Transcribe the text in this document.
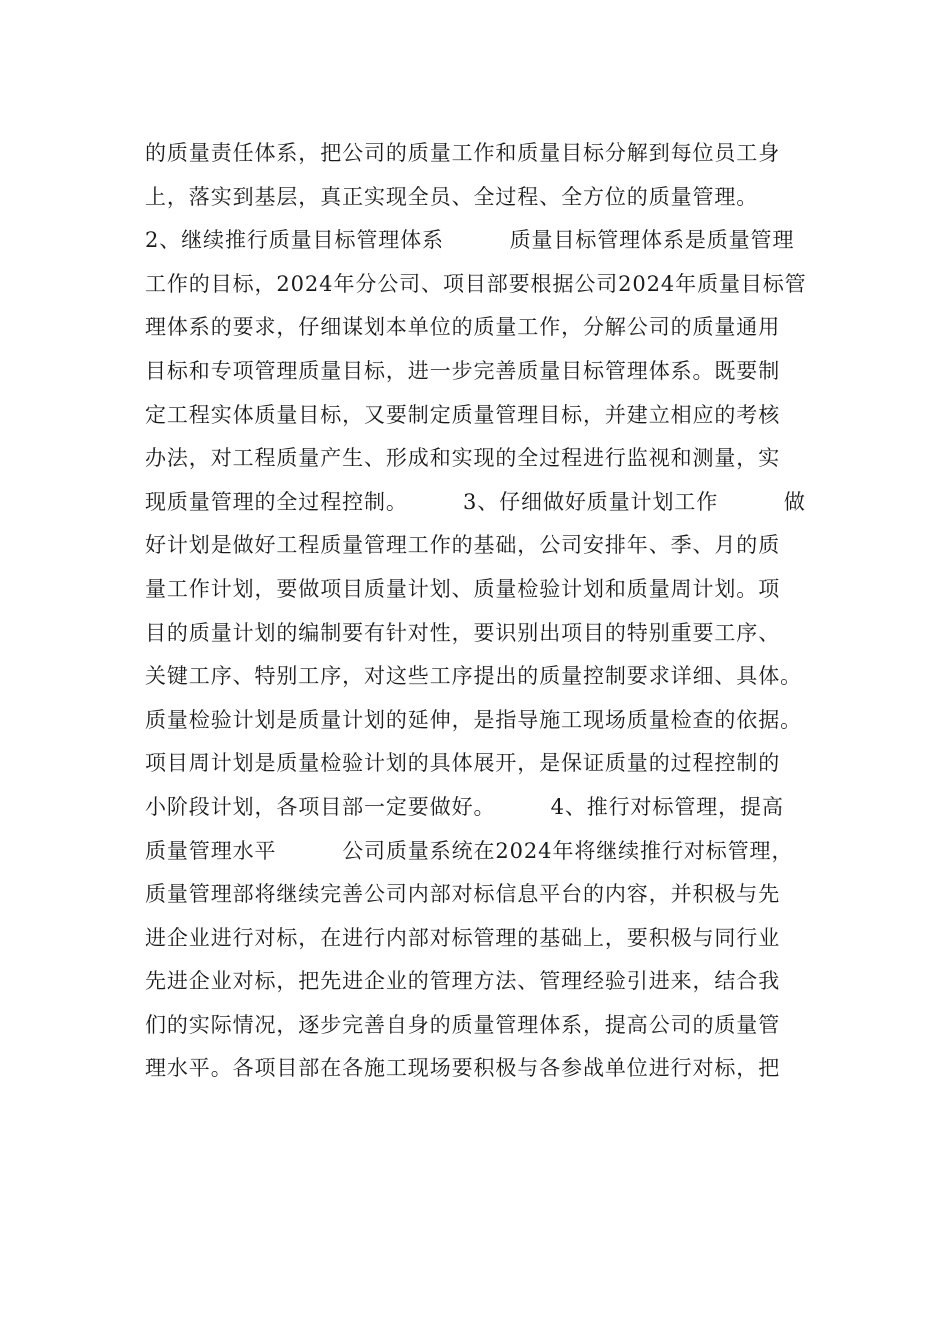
的质量责任体系，把公司的质量工作和质量目标分解到每位员工身
上，落实到基层，真正实现全员、全过程、全方位的质量管理。
2、继续推行质量目标管理体系　　　质量目标管理体系是质量管理
工作的目标，2024年分公司、项目部要根据公司2024年质量目标管
理体系的要求，仔细谋划本单位的质量工作，分解公司的质量通用
目标和专项管理质量目标，进一步完善质量目标管理体系。既要制
定工程实体质量目标，又要制定质量管理目标，并建立相应的考核
办法，对工程质量产生、形成和实现的全过程进行监视和测量，实
现质量管理的全过程控制。　　　3、仔细做好质量计划工作　　　做
好计划是做好工程质量管理工作的基础，公司安排年、季、月的质
量工作计划，要做项目质量计划、质量检验计划和质量周计划。项
目的质量计划的编制要有针对性，要识别出项目的特别重要工序、
关键工序、特别工序，对这些工序提出的质量控制要求详细、具体。
质量检验计划是质量计划的延伸，是指导施工现场质量检查的依据。
项目周计划是质量检验计划的具体展开，是保证质量的过程控制的
小阶段计划，各项目部一定要做好。　　　4、推行对标管理，提高
质量管理水平　　　公司质量系统在2024年将继续推行对标管理，
质量管理部将继续完善公司内部对标信息平台的内容，并积极与先
进企业进行对标，在进行内部对标管理的基础上，要积极与同行业
先进企业对标，把先进企业的管理方法、管理经验引进来，结合我
们的实际情况，逐步完善自身的质量管理体系，提高公司的质量管
理水平。各项目部在各施工现场要积极与各参战单位进行对标，把
